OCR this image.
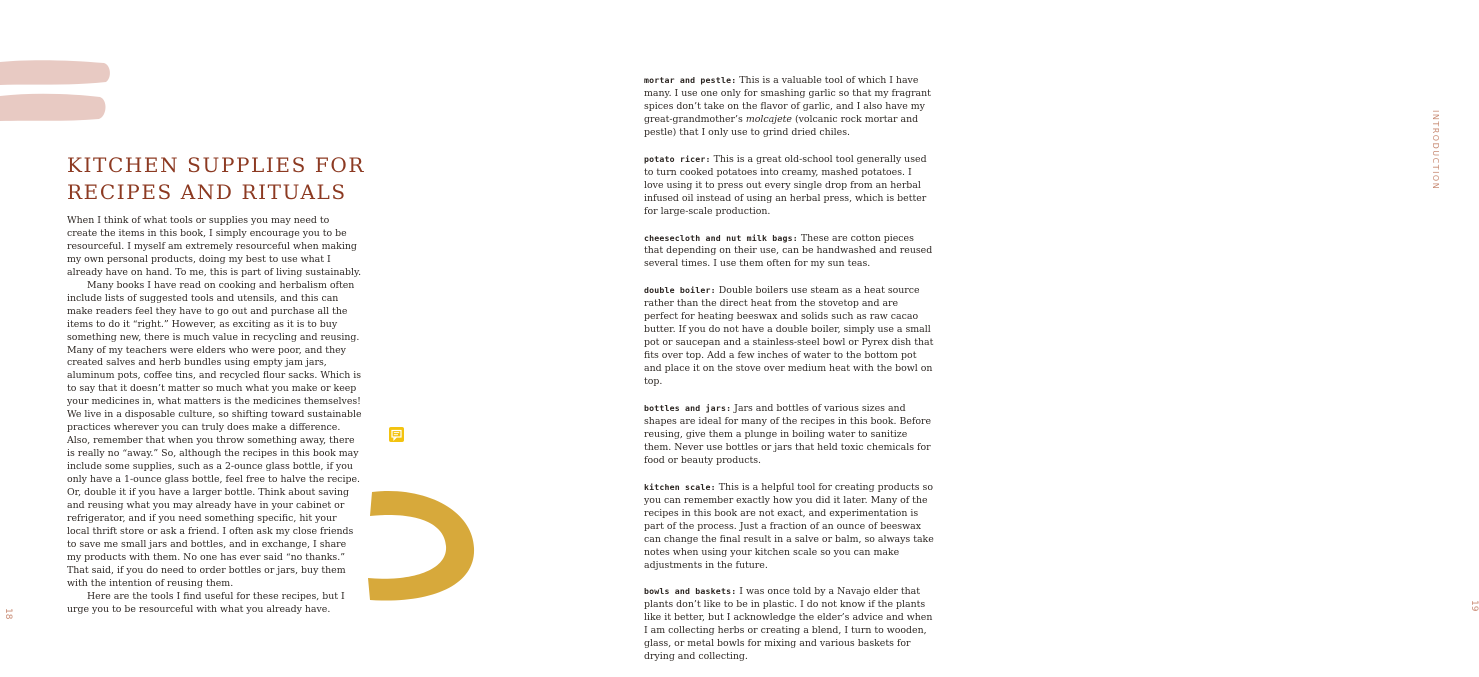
KITCHEN SUPPLIES FOR
RECIPES AND RITUALS

When I think of what tools or supplies you may need to create the items in this book, I simply encourage you to be resourceful. I myself am extremely resourceful when making my own personal products, doing my best to use what I already have on hand. To me, this is part of living sustainably.

Many books I have read on cooking and herbalism often include lists of suggested tools and utensils, and this can make readers feel they have to go out and purchase all the items to do it “right.” However, as exciting as it is to buy something new, there is much value in recycling and reusing. Many of my teachers were elders who were poor, and they created salves and herb bundles using empty jam jars, aluminum pots, coffee tins, and recycled flour sacks. Which is to say that it doesn’t matter so much what you make or keep your medicines in, what matters is the medicines themselves! We live in a disposable culture, so shifting toward sustainable practices wherever you can truly does make a difference. Also, remember that when you throw something away, there is really no “away.” So, although the recipes in this book may include some supplies, such as a 2-ounce glass bottle, if you only have a 1-ounce glass bottle, feel free to halve the recipe. Or, double it if you have a larger bottle. Think about saving and reusing what you may already have in your cabinet or refrigerator, and if you need something specific, hit your local thrift store or ask a friend. I often ask my close friends to save me small jars and bottles, and in exchange, I share my products with them. No one has ever said “no thanks.” That said, if you do need to order bottles or jars, buy them with the intention of reusing them.

Here are the tools I find useful for these recipes, but I urge you to be resourceful with what you already have.

18
INTRODUCTION
19

mortar and pestle: This is a valuable tool of which I have many. I use one only for smashing garlic so that my fragrant spices don’t take on the flavor of garlic, and I also have my great-grandmother’s molcajete (volcanic rock mortar and pestle) that I only use to grind dried chiles.

potato ricer: This is a great old-school tool generally used to turn cooked potatoes into creamy, mashed potatoes. I love using it to press out every single drop from an herbal infused oil instead of using an herbal press, which is better for large-scale production.

cheesecloth and nut milk bags: These are cotton pieces that depending on their use, can be handwashed and reused several times. I use them often for my sun teas.

double boiler: Double boilers use steam as a heat source rather than the direct heat from the stovetop and are perfect for heating beeswax and solids such as raw cacao butter. If you do not have a double boiler, simply use a small pot or saucepan and a stainless-steel bowl or Pyrex dish that fits over top. Add a few inches of water to the bottom pot and place it on the stove over medium heat with the bowl on top.

bottles and jars: Jars and bottles of various sizes and shapes are ideal for many of the recipes in this book. Before reusing, give them a plunge in boiling water to sanitize them. Never use bottles or jars that held toxic chemicals for food or beauty products.

kitchen scale: This is a helpful tool for creating products so you can remember exactly how you did it later. Many of the recipes in this book are not exact, and experimentation is part of the process. Just a fraction of an ounce of beeswax can change the final result in a salve or balm, so always take notes when using your kitchen scale so you can make adjustments in the future.

bowls and baskets: I was once told by a Navajo elder that plants don’t like to be in plastic. I do not know if the plants like it better, but I acknowledge the elder’s advice and when I am collecting herbs or creating a blend, I turn to wooden, glass, or metal bowls for mixing and various baskets for drying and collecting.
